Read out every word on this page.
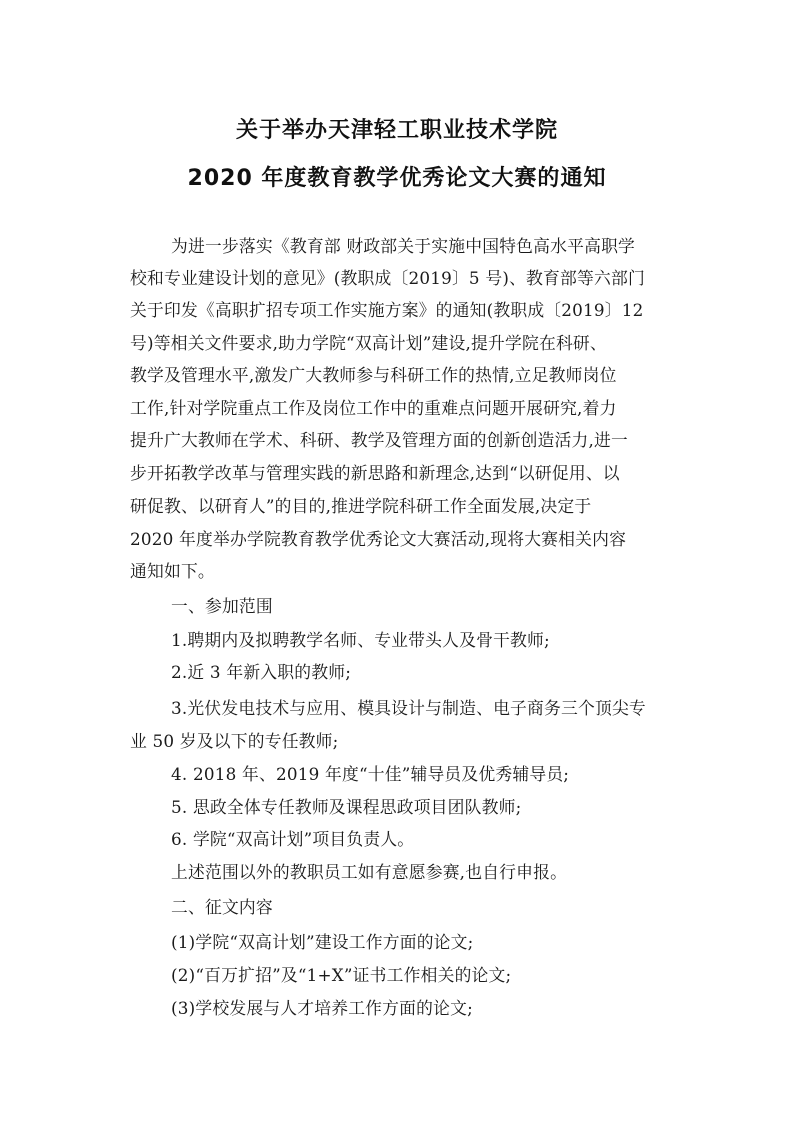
关于举办天津轻工职业技术学院
2020 年度教育教学优秀论文大赛的通知
为进一步落实《教育部 财政部关于实施中国特色高水平高职学
校和专业建设计划的意见》(教职成〔2019〕5 号)、教育部等六部门
关于印发《高职扩招专项工作实施方案》的通知(教职成〔2019〕12
号)等相关文件要求,助力学院“双高计划”建设,提升学院在科研、
教学及管理水平,激发广大教师参与科研工作的热情,立足教师岗位
工作,针对学院重点工作及岗位工作中的重难点问题开展研究,着力
提升广大教师在学术、科研、教学及管理方面的创新创造活力,进一
步开拓教学改革与管理实践的新思路和新理念,达到“以研促用、以
研促教、以研育人”的目的,推进学院科研工作全面发展,决定于
2020 年度举办学院教育教学优秀论文大赛活动,现将大赛相关内容
通知如下。
一、参加范围
1.聘期内及拟聘教学名师、专业带头人及骨干教师;
2.近 3 年新入职的教师;
3.光伏发电技术与应用、模具设计与制造、电子商务三个顶尖专
业 50 岁及以下的专任教师;
4. 2018 年、2019 年度“十佳”辅导员及优秀辅导员;
5. 思政全体专任教师及课程思政项目团队教师;
6. 学院“双高计划”项目负责人。
上述范围以外的教职员工如有意愿参赛,也自行申报。
二、征文内容
(1)学院“双高计划”建设工作方面的论文;
(2)“百万扩招”及“1+X”证书工作相关的论文;
(3)学校发展与人才培养工作方面的论文;
